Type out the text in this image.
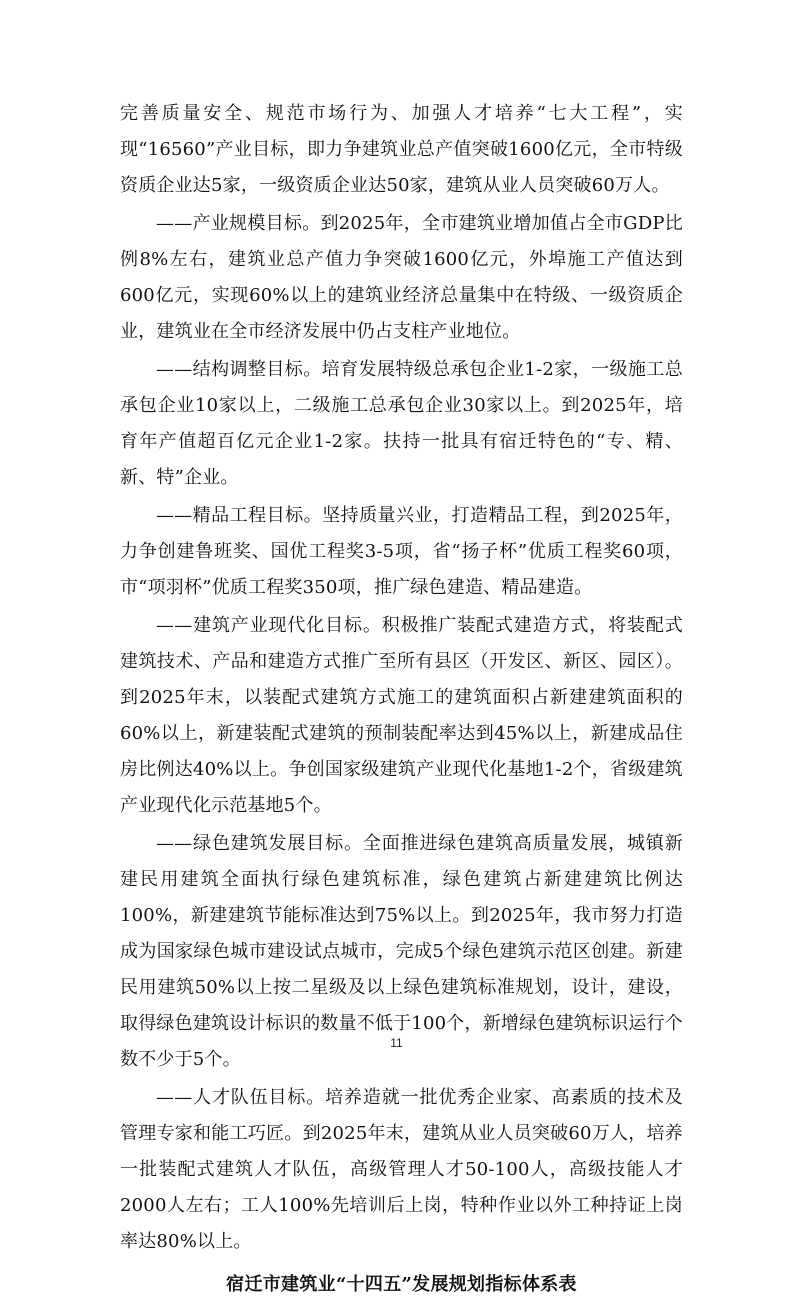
完善质量安全、规范市场行为、加强人才培养“七大工程”，实现“16560”产业目标，即力争建筑业总产值突破1600亿元，全市特级资质企业达5家，一级资质企业达50家，建筑从业人员突破60万人。

——产业规模目标。到2025年，全市建筑业增加值占全市GDP比例8%左右，建筑业总产值力争突破1600亿元，外埠施工产值达到600亿元，实现60%以上的建筑业经济总量集中在特级、一级资质企业，建筑业在全市经济发展中仍占支柱产业地位。

——结构调整目标。培育发展特级总承包企业1-2家，一级施工总承包企业10家以上，二级施工总承包企业30家以上。到2025年，培育年产值超百亿元企业1-2家。扶持一批具有宿迁特色的“专、精、新、特”企业。

——精品工程目标。坚持质量兴业，打造精品工程，到2025年，力争创建鲁班奖、国优工程奖3-5项，省“扬子杯”优质工程奖60项，市“项羽杯”优质工程奖350项，推广绿色建造、精品建造。

——建筑产业现代化目标。积极推广装配式建造方式，将装配式建筑技术、产品和建造方式推广至所有县区（开发区、新区、园区）。到2025年末，以装配式建筑方式施工的建筑面积占新建建筑面积的60%以上，新建装配式建筑的预制装配率达到45%以上，新建成品住房比例达40%以上。争创国家级建筑产业现代化基地1-2个，省级建筑产业现代化示范基地5个。

——绿色建筑发展目标。全面推进绿色建筑高质量发展，城镇新建民用建筑全面执行绿色建筑标准，绿色建筑占新建建筑比例达100%，新建建筑节能标准达到75%以上。到2025年，我市努力打造成为国家绿色城市建设试点城市，完成5个绿色建筑示范区创建。新建民用建筑50%以上按二星级及以上绿色建筑标准规划，设计，建设，取得绿色建筑设计标识的数量不低于100个，新增绿色建筑标识运行个数不少于5个。

——人才队伍目标。培养造就一批优秀企业家、高素质的技术及管理专家和能工巧匠。到2025年末，建筑从业人员突破60万人，培养一批装配式建筑人才队伍，高级管理人才50-100人，高级技能人才2000人左右；工人100%先培训后上岗，特种作业以外工种持证上岗率达80%以上。

宿迁市建筑业“十四五”发展规划指标体系表
11
